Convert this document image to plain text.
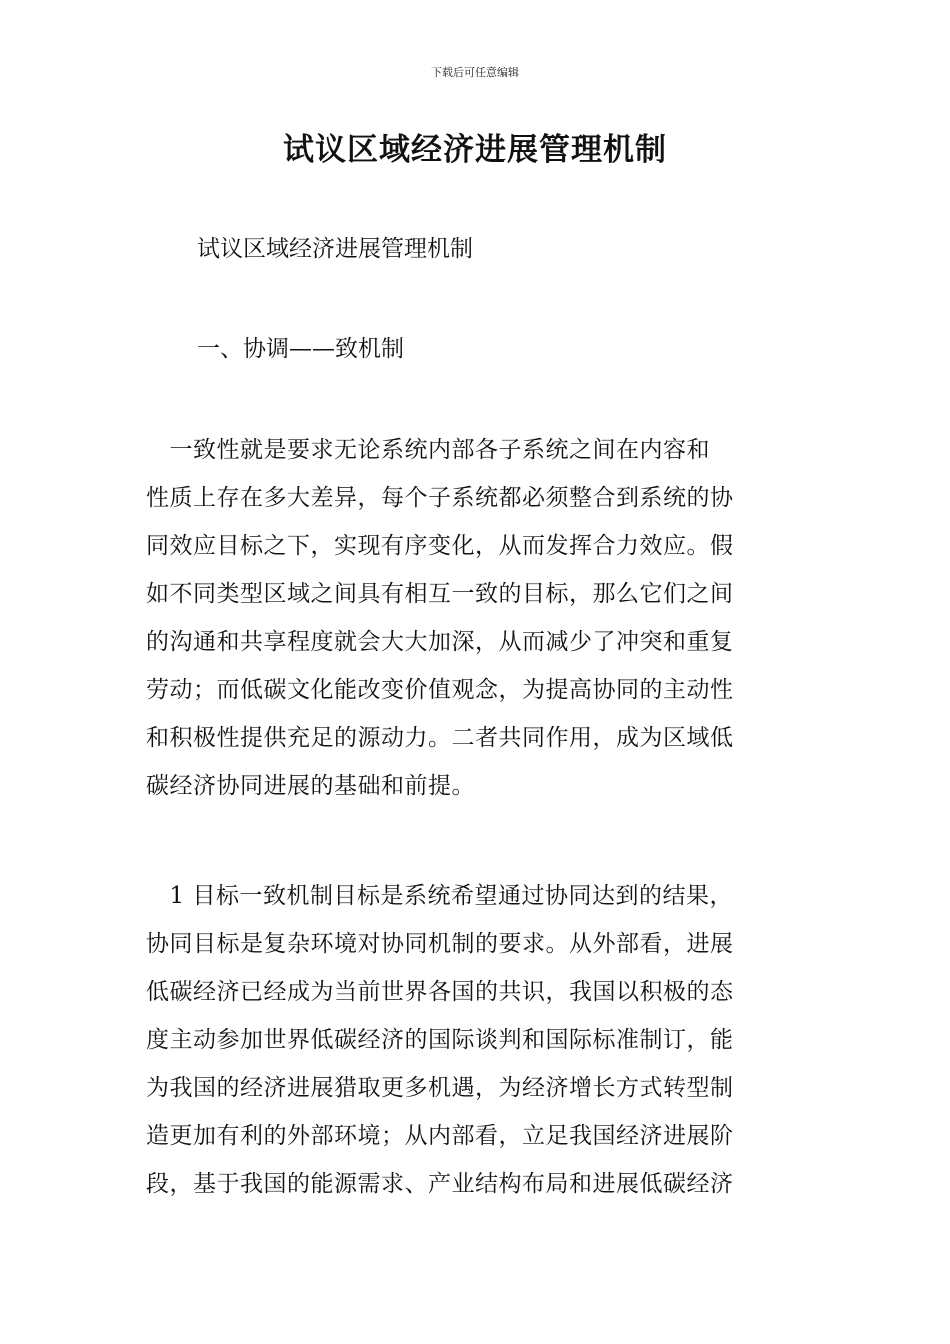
下载后可任意编辑
试议区域经济进展管理机制
试议区域经济进展管理机制
一、协调——致机制
　一致性就是要求无论系统内部各子系统之间在内容和
性质上存在多大差异，每个子系统都必须整合到系统的协
同效应目标之下，实现有序变化，从而发挥合力效应。假
如不同类型区域之间具有相互一致的目标，那么它们之间
的沟通和共享程度就会大大加深，从而减少了冲突和重复
劳动；而低碳文化能改变价值观念，为提高协同的主动性
和积极性提供充足的源动力。二者共同作用，成为区域低
碳经济协同进展的基础和前提。
　1 目标一致机制目标是系统希望通过协同达到的结果，
协同目标是复杂环境对协同机制的要求。从外部看，进展
低碳经济已经成为当前世界各国的共识，我国以积极的态
度主动参加世界低碳经济的国际谈判和国际标准制订，能
为我国的经济进展猎取更多机遇，为经济增长方式转型制
造更加有利的外部环境；从内部看，立足我国经济进展阶
段，基于我国的能源需求、产业结构布局和进展低碳经济
